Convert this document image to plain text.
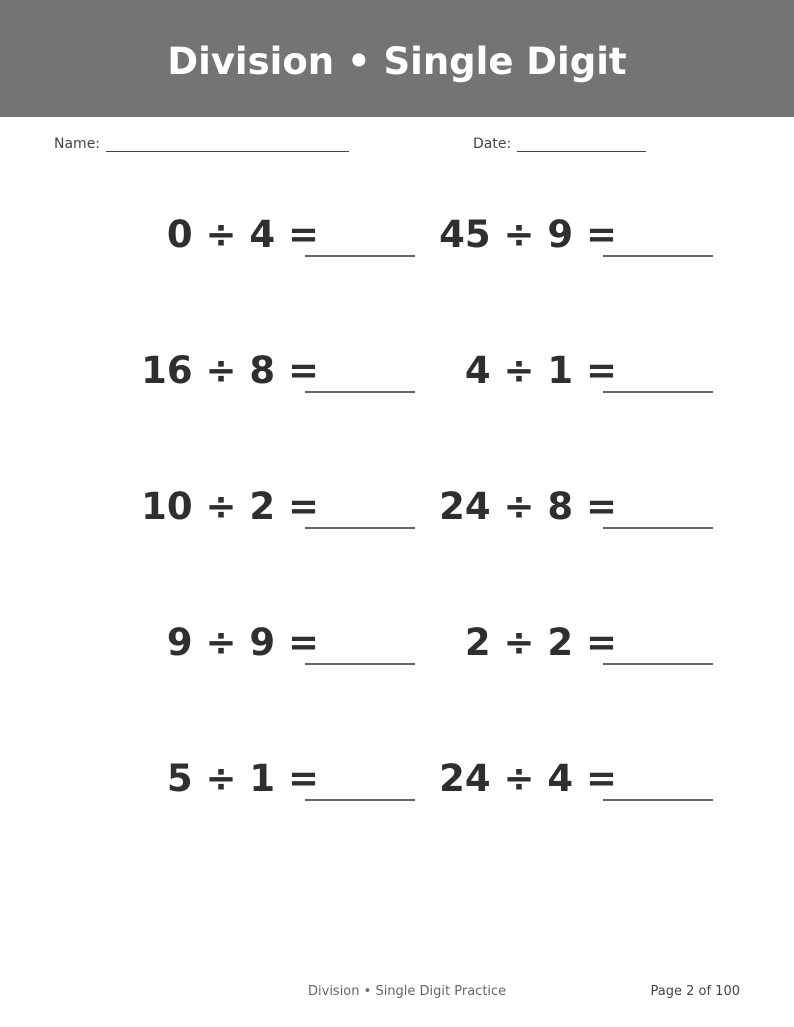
Division • Single Digit
Name:	Date:
0 ÷ 4 =	45 ÷ 9 =
16 ÷ 8 =	4 ÷ 1 =
10 ÷ 2 =	24 ÷ 8 =
9 ÷ 9 =	2 ÷ 2 =
5 ÷ 1 =	24 ÷ 4 =
Division • Single Digit Practice	Page 2 of 100
